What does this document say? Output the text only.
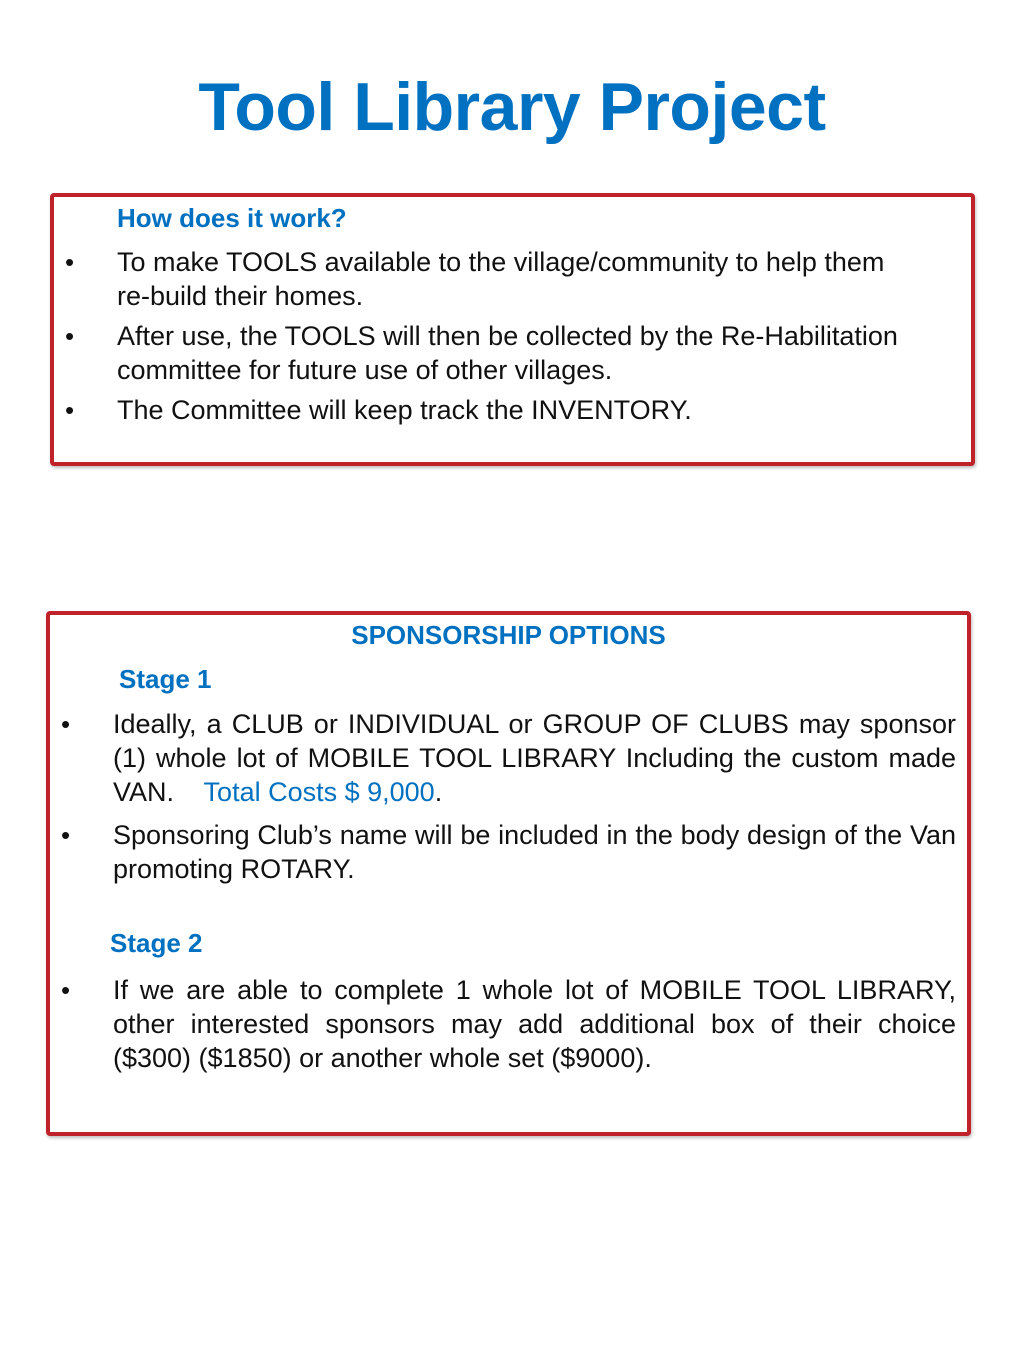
Tool Library Project
How does it work?
• To make TOOLS available to the village/community to help them re-build their homes.
• After use, the TOOLS will then be collected by the Re-Habilitation committee for future use of other villages.
• The Committee will keep track the INVENTORY.
SPONSORSHIP OPTIONS
Stage 1
• Ideally, a CLUB or INDIVIDUAL or GROUP OF CLUBS may sponsor (1) whole lot of MOBILE TOOL LIBRARY Including the custom made VAN. Total Costs $ 9,000.
• Sponsoring Club’s name will be included in the body design of the Van promoting ROTARY.
Stage 2
• If we are able to complete 1 whole lot of MOBILE TOOL LIBRARY, other interested sponsors may add additional box of their choice ($300) ($1850) or another whole set ($9000).
